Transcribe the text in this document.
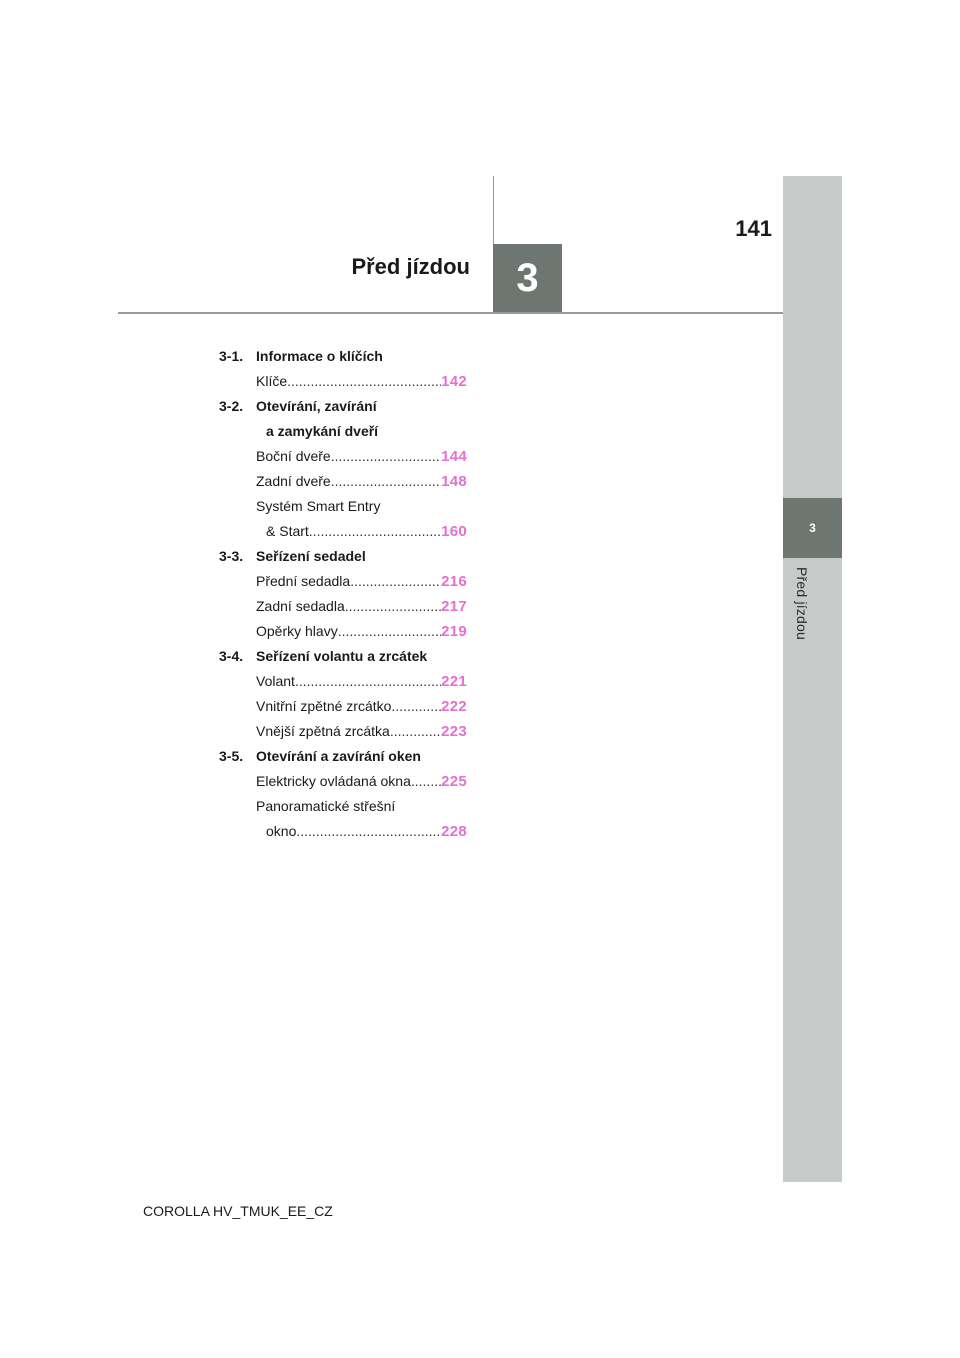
3
141
Před jízdou
3
Před jízdou
3-1. Informace o klíčích
Klíče .....	142
3-2. Otevírání, zavírání
a zamykání dveří
Boční dveře .....	144
Zadní dveře .....	148
Systém Smart Entry
& Start .....	160
3-3. Seřízení sedadel
Přední sedadla .....	216
Zadní sedadla .....	217
Opěrky hlavy .....	219
3-4. Seřízení volantu a zrcátek
Volant .....	221
Vnitřní zpětné zrcátko .....	222
Vnější zpětná zrcátka .....	223
3-5. Otevírání a zavírání oken
Elektricky ovládaná okna ..... 225
Panoramatické střešní
okno .....	228
COROLLA HV_TMUK_EE_CZ
